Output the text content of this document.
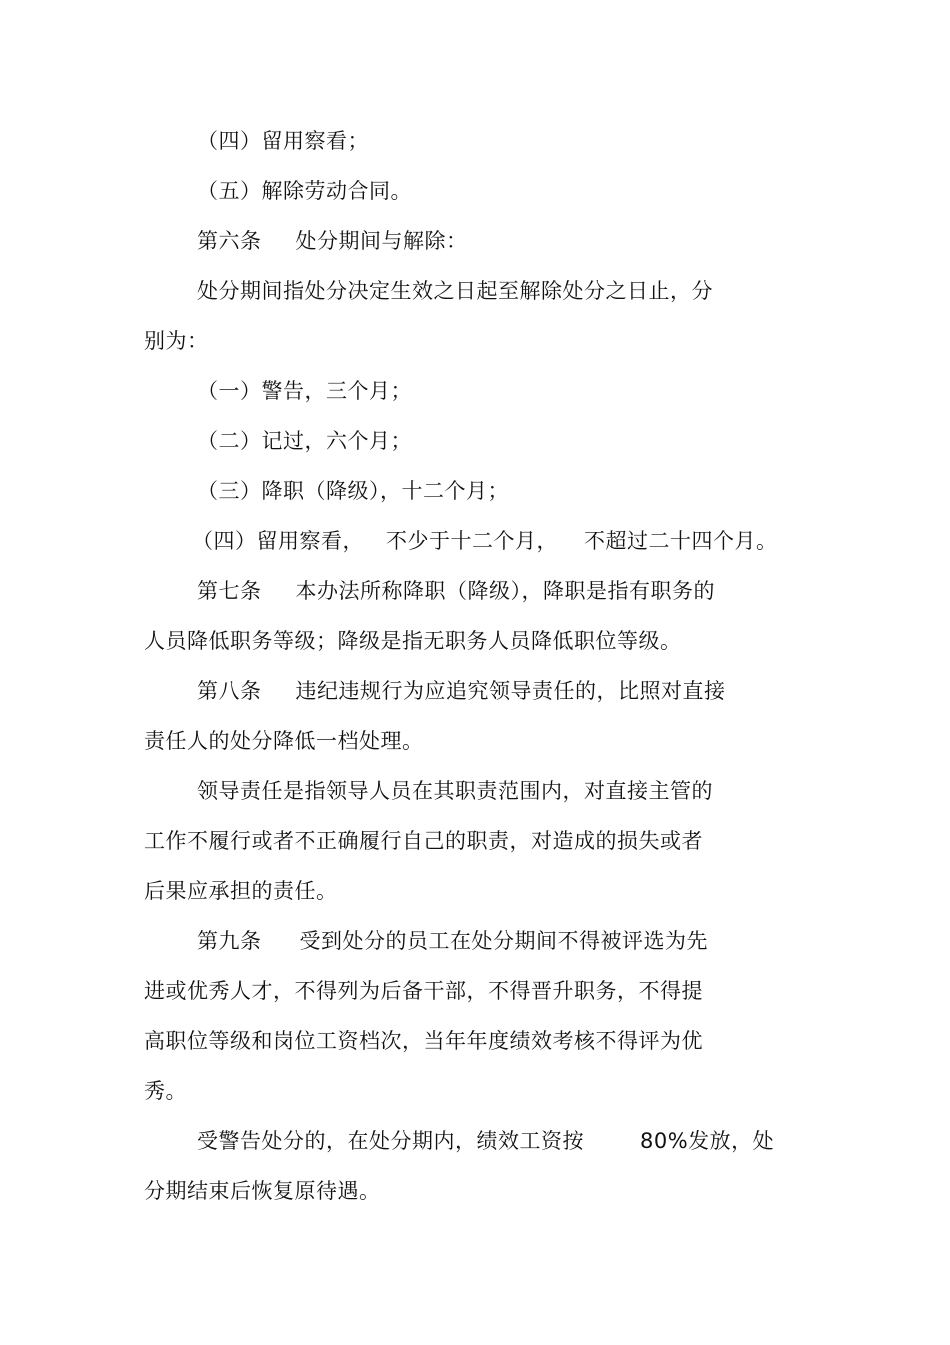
（四）留用察看；
（五）解除劳动合同。
第六条 处分期间与解除：
处分期间指处分决定生效之日起至解除处分之日止，分
别为：
（一）警告，三个月；
（二）记过，六个月；
（三）降职（降级），十二个月；
（四）留用察看， 不少于十二个月， 不超过二十四个月。
第七条 本办法所称降职（降级），降职是指有职务的
人员降低职务等级；降级是指无职务人员降低职位等级。
第八条 违纪违规行为应追究领导责任的，比照对直接
责任人的处分降低一档处理。
领导责任是指领导人员在其职责范围内，对直接主管的
工作不履行或者不正确履行自己的职责，对造成的损失或者
后果应承担的责任。
第九条 受到处分的员工在处分期间不得被评选为先
进或优秀人才，不得列为后备干部，不得晋升职务，不得提
高职位等级和岗位工资档次，当年年度绩效考核不得评为优
秀。
受警告处分的，在处分期内，绩效工资按	80%发放，处
分期结束后恢复原待遇。
